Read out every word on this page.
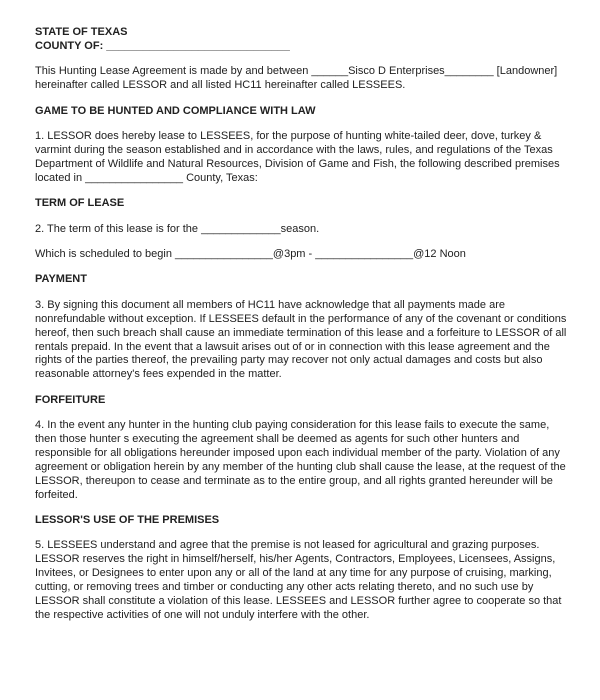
STATE OF TEXAS
COUNTY OF: ______________________________

This Hunting Lease Agreement is made by and between ______Sisco D Enterprises________ [Landowner] hereinafter called LESSOR and all listed HC11 hereinafter called LESSEES.

GAME TO BE HUNTED AND COMPLIANCE WITH LAW

1. LESSOR does hereby lease to LESSEES, for the purpose of hunting white-tailed deer, dove, turkey & varmint during the season established and in accordance with the laws, rules, and regulations of the Texas Department of Wildlife and Natural Resources, Division of Game and Fish, the following described premises located in ________________ County, Texas:

TERM OF LEASE

2. The term of this lease is for the _____________season.

Which is scheduled to begin ________________@3pm - ________________@12 Noon

PAYMENT

3. By signing this document all members of HC11 have acknowledge that all payments made are nonrefundable without exception. If LESSEES default in the performance of any of the covenant or conditions hereof, then such breach shall cause an immediate termination of this lease and a forfeiture to LESSOR of all rentals prepaid. In the event that a lawsuit arises out of or in connection with this lease agreement and the rights of the parties thereof, the prevailing party may recover not only actual damages and costs but also reasonable attorney's fees expended in the matter.

FORFEITURE

4. In the event any hunter in the hunting club paying consideration for this lease fails to execute the same, then those hunter s executing the agreement shall be deemed as agents for such other hunters and responsible for all obligations hereunder imposed upon each individual member of the party. Violation of any agreement or obligation herein by any member of the hunting club shall cause the lease, at the request of the LESSOR, thereupon to cease and terminate as to the entire group, and all rights granted hereunder will be forfeited.

LESSOR'S USE OF THE PREMISES

5. LESSEES understand and agree that the premise is not leased for agricultural and grazing purposes. LESSOR reserves the right in himself/herself, his/her Agents, Contractors, Employees, Licensees, Assigns, Invitees, or Designees to enter upon any or all of the land at any time for any purpose of cruising, marking, cutting, or removing trees and timber or conducting any other acts relating thereto, and no such use by LESSOR shall constitute a violation of this lease. LESSEES and LESSOR further agree to cooperate so that the respective activities of one will not unduly interfere with the other.
